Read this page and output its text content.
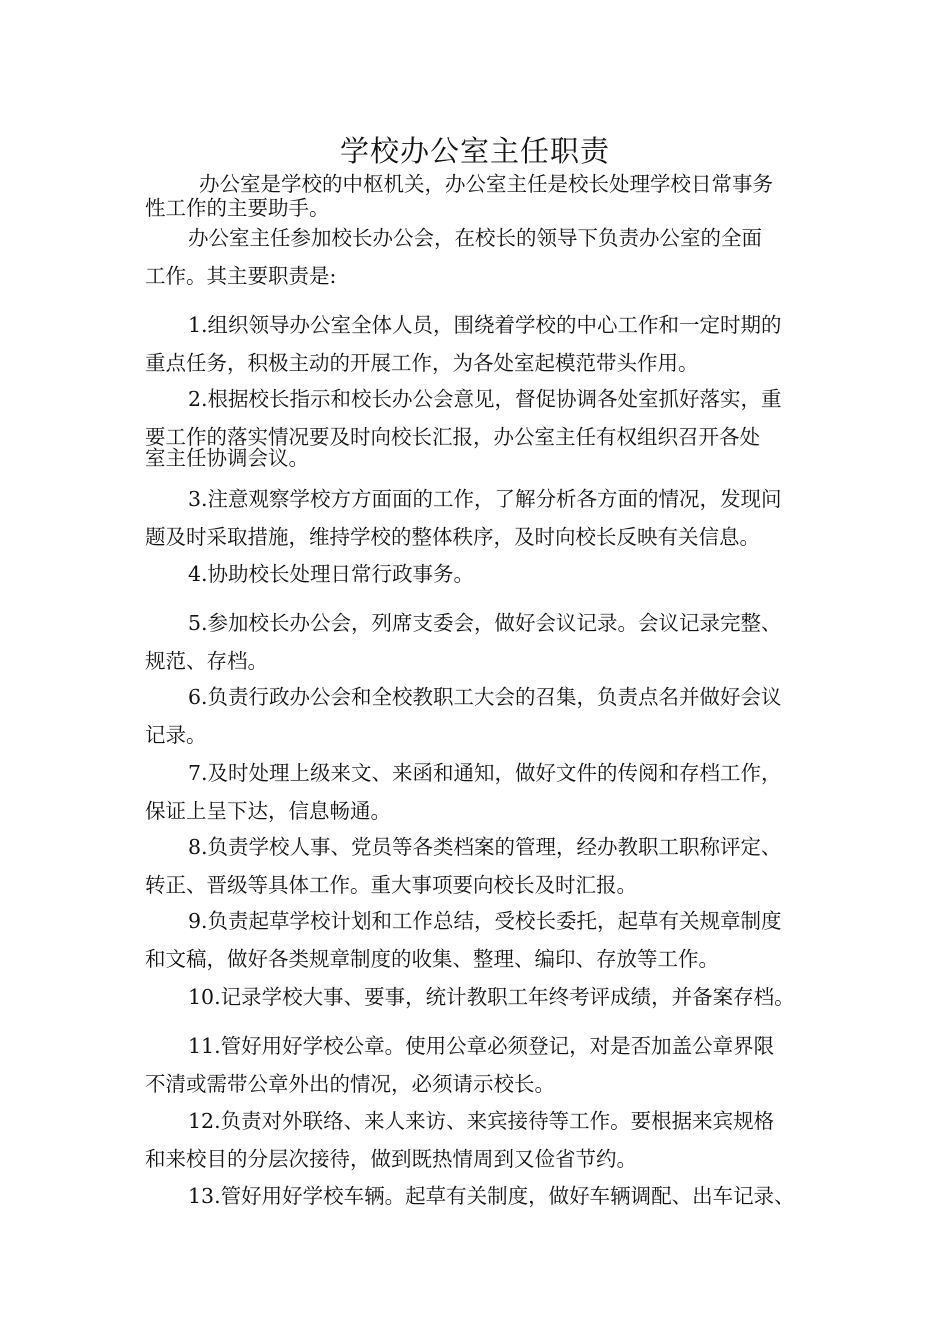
学校办公室主任职责

办公室是学校的中枢机关，办公室主任是校长处理学校日常事务
性工作的主要助手。

办公室主任参加校长办公会，在校长的领导下负责办公室的全面
工作。其主要职责是:

1.组织领导办公室全体人员，围绕着学校的中心工作和一定时期的
重点任务，积极主动的开展工作，为各处室起模范带头作用。

2.根据校长指示和校长办公会意见，督促协调各处室抓好落实，重
要工作的落实情况要及时向校长汇报，办公室主任有权组织召开各处
室主任协调会议。

3.注意观察学校方方面面的工作，了解分析各方面的情况，发现问
题及时采取措施，维持学校的整体秩序，及时向校长反映有关信息。

4.协助校长处理日常行政事务。

5.参加校长办公会，列席支委会，做好会议记录。会议记录完整、
规范、存档。

6.负责行政办公会和全校教职工大会的召集，负责点名并做好会议
记录。

7.及时处理上级来文、来函和通知，做好文件的传阅和存档工作，
保证上呈下达，信息畅通。

8.负责学校人事、党员等各类档案的管理，经办教职工职称评定、
转正、晋级等具体工作。重大事项要向校长及时汇报。

9.负责起草学校计划和工作总结，受校长委托，起草有关规章制度
和文稿，做好各类规章制度的收集、整理、编印、存放等工作。

10.记录学校大事、要事，统计教职工年终考评成绩，并备案存档。

11.管好用好学校公章。使用公章必须登记，对是否加盖公章界限
不清或需带公章外出的情况，必须请示校长。

12.负责对外联络、来人来访、来宾接待等工作。要根据来宾规格
和来校目的分层次接待，做到既热情周到又俭省节约。

13.管好用好学校车辆。起草有关制度，做好车辆调配、出车记录、
